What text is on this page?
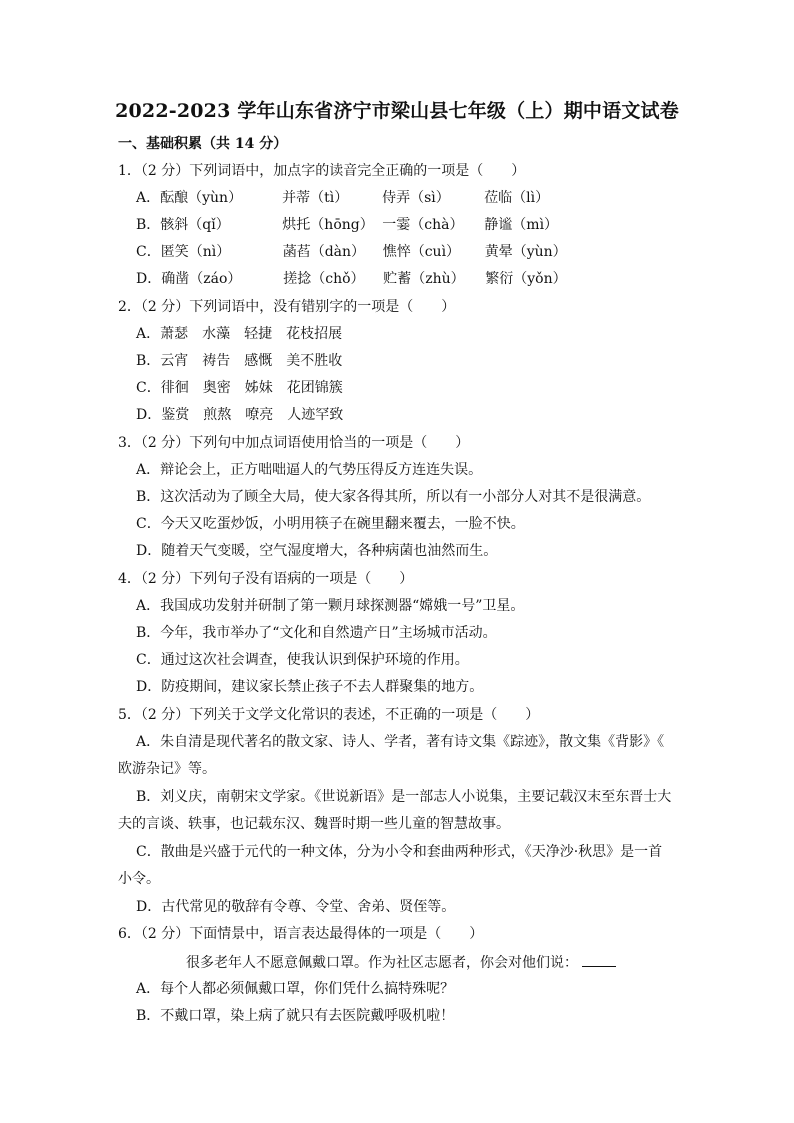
2022-2023 学年山东省济宁市梁山县七年级（上）期中语文试卷
一、基础积累（共 14 分）
1．（2 分）下列词语中，加点字的读音完全正确的一项是（　　）
A．酝酿（yùn）	并蒂（tì） 侍弄（sì） 莅临（lì）
B．骸斜（qǐ）	烘托（hōng） 一霎（chà） 静谧（mì）
C．匿笑（nì）	菡萏（dàn） 憔悴（cuì） 黄晕（yùn）
D．确凿（záo）	搓捻（chǒ） 贮蓄（zhù） 繁衍（yǒn）
2．（2 分）下列词语中，没有错别字的一项是（　　）
A．萧瑟 水藻 轻捷 花枝招展
B．云宵 祷告 感慨 美不胜收
C．徘徊 奥密 姊妹 花团锦簇
D．鉴赏 煎熬 嘹亮 人迹罕致
3．（2 分）下列句中加点词语使用恰当的一项是（　　）
A．辩论会上，正方咄咄逼人的气势压得反方连连失误。
B．这次活动为了顾全大局，使大家各得其所，所以有一小部分人对其不是很满意。
C．今天又吃蛋炒饭，小明用筷子在碗里翻来覆去，一脸不快。
D．随着天气变暖，空气湿度增大，各种病菌也油然而生。
4．（2 分）下列句子没有语病的一项是（　　）
A．我国成功发射并研制了第一颗月球探测器“嫦娥一号”卫星。
B．今年，我市举办了“文化和自然遗产日”主场城市活动。
C．通过这次社会调查，使我认识到保护环境的作用。
D．防疫期间，建议家长禁止孩子不去人群聚集的地方。
5．（2 分）下列关于文学文化常识的表述，不正确的一项是（　　）
A．朱自清是现代著名的散文家、诗人、学者，著有诗文集《踪迹》，散文集《背影》《
欧游杂记》等。
B．刘义庆，南朝宋文学家。《世说新语》是一部志人小说集，主要记载汉末至东晋士大
夫的言谈、轶事，也记载东汉、魏晋时期一些儿童的智慧故事。
C．散曲是兴盛于元代的一种文体，分为小令和套曲两种形式，《天净沙·秋思》是一首
小令。
D．古代常见的敬辞有令尊、令堂、舍弟、贤侄等。
6．（2 分）下面情景中，语言表达最得体的一项是（　　）
很多老年人不愿意佩戴口罩。作为社区志愿者，你会对他们说：
A．每个人都必须佩戴口罩，你们凭什么搞特殊呢？
B．不戴口罩，染上病了就只有去医院戴呼吸机啦！
